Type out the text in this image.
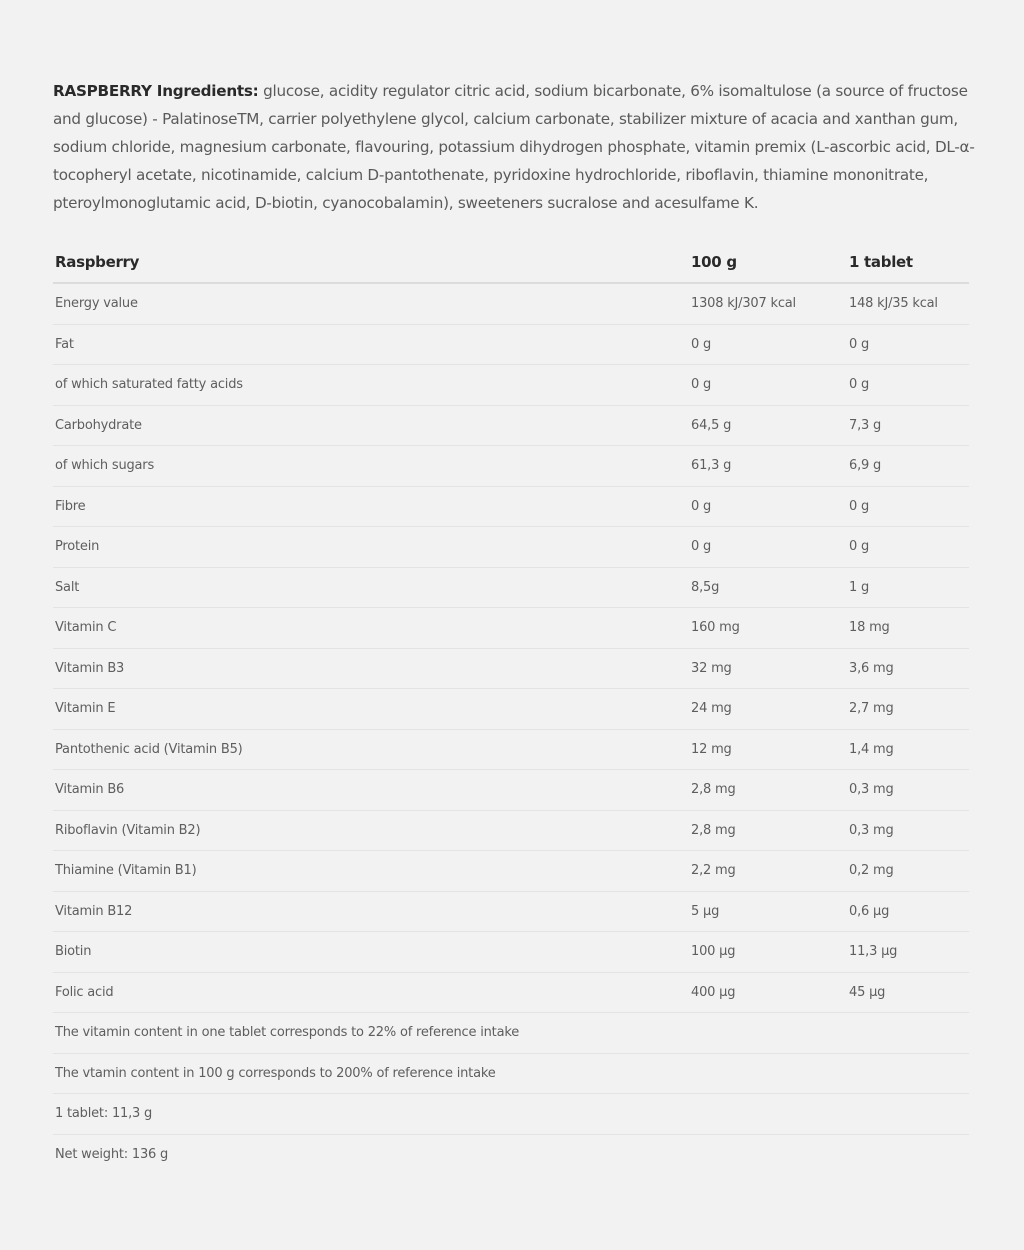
RASPBERRY Ingredients: glucose, acidity regulator citric acid, sodium bicarbonate, 6% isomaltulose (a source of fructose and glucose) - PalatinoseTM, carrier polyethylene glycol, calcium carbonate, stabilizer mixture of acacia and xanthan gum, sodium chloride, magnesium carbonate, flavouring, potassium dihydrogen phosphate, vitamin premix (L-ascorbic acid, DL-α-tocopheryl acetate, nicotinamide, calcium D-pantothenate, pyridoxine hydrochloride, riboflavin, thiamine mononitrate, pteroylmonoglutamic acid, D-biotin, cyanocobalamin), sweeteners sucralose and acesulfame K.

Raspberry	100 g	1 tablet
Energy value	1308 kJ/307 kcal	148 kJ/35 kcal
Fat	0 g	0 g
of which saturated fatty acids	0 g	0 g
Carbohydrate	64,5 g	7,3 g
of which sugars	61,3 g	6,9 g
Fibre	0 g	0 g
Protein	0 g	0 g
Salt	8,5g	1 g
Vitamin C	160 mg	18 mg
Vitamin B3	32 mg	3,6 mg
Vitamin E	24 mg	2,7 mg
Pantothenic acid (Vitamin B5)	12 mg	1,4 mg
Vitamin B6	2,8 mg	0,3 mg
Riboflavin (Vitamin B2)	2,8 mg	0,3 mg
Thiamine (Vitamin B1)	2,2 mg	0,2 mg
Vitamin B12	5 µg	0,6 µg
Biotin	100 µg	11,3 µg
Folic acid	400 µg	45 µg
The vitamin content in one tablet corresponds to 22% of reference intake		
The vtamin content in 100 g corresponds to 200% of reference intake		
1 tablet: 11,3 g		
Net weight: 136 g		
